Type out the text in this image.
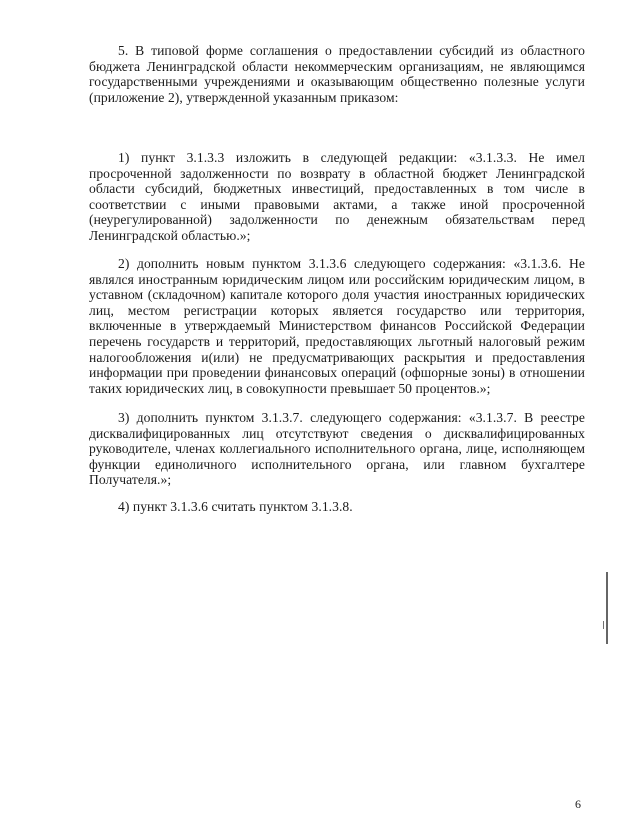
5. В типовой форме соглашения о предоставлении субсидий из областного бюджета Ленинградской области некоммерческим организациям, не являющимся государственными учреждениями и оказывающим общественно полезные услуги (приложение 2), утвержденной указанным приказом:

1) пункт 3.1.3.3 изложить в следующей редакции: «3.1.3.3. Не имел просроченной задолженности по возврату в областной бюджет Ленинградской области субсидий, бюджетных инвестиций, предоставленных в том числе в соответствии с иными правовыми актами, а также иной просроченной (неурегулированной) задолженности по денежным обязательствам перед Ленинградской областью.»;

2) дополнить новым пунктом 3.1.3.6 следующего содержания: «3.1.3.6. Не являлся иностранным юридическим лицом или российским юридическим лицом, в уставном (складочном) капитале которого доля участия иностранных юридических лиц, местом регистрации которых является государство или территория, включенные в утверждаемый Министерством финансов Российской Федерации перечень государств и территорий, предоставляющих льготный налоговый режим налогообложения и(или) не предусматривающих раскрытия и предоставления информации при проведении финансовых операций (офшорные зоны) в отношении таких юридических лиц, в совокупности превышает 50 процентов.»;

3) дополнить пунктом 3.1.3.7. следующего содержания: «3.1.3.7. В реестре дисквалифицированных лиц отсутствуют сведения о дисквалифицированных руководителе, членах коллегиального исполнительного органа, лице, исполняющем функции единоличного исполнительного органа, или главном бухгалтере Получателя.»;

4) пункт 3.1.3.6 считать пунктом 3.1.3.8.

6
